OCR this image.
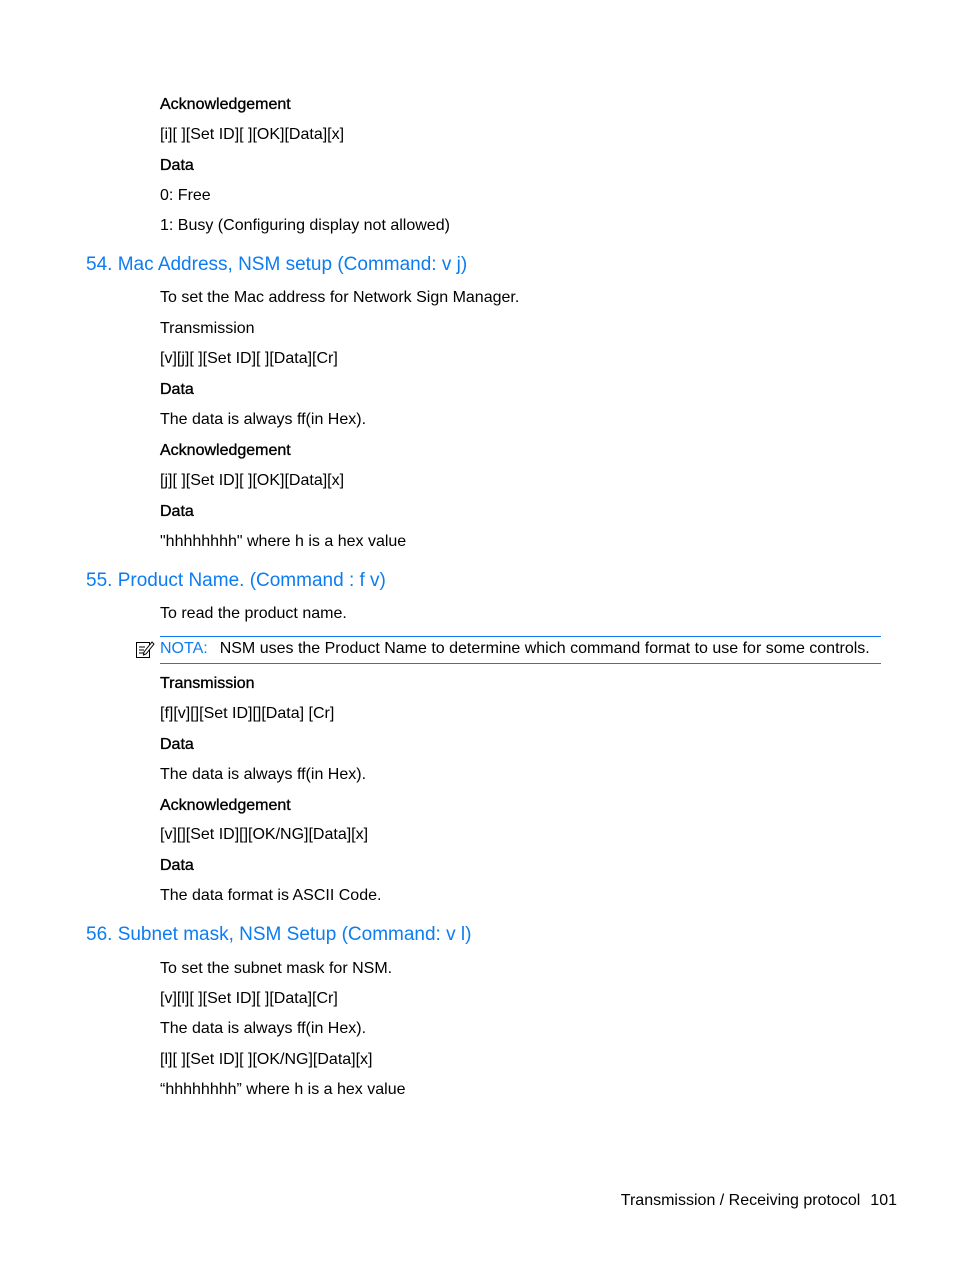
Acknowledgement
[i][ ][Set ID][ ][OK][Data][x]
Data
0: Free
1: Busy (Configuring display not allowed)
54. Mac Address, NSM setup (Command: v j)
To set the Mac address for Network Sign Manager.
Transmission
[v][j][ ][Set ID][ ][Data][Cr]
Data
The data is always ff(in Hex).
Acknowledgement
[j][ ][Set ID][ ][OK][Data][x]
Data
"hhhhhhhh" where h is a hex value
55. Product Name. (Command : f v)
To read the product name.
NOTA: NSM uses the Product Name to determine which command format to use for some controls.
Transmission
[f][v][][Set ID][][Data] [Cr]
Data
The data is always ff(in Hex).
Acknowledgement
[v][][Set ID][][OK/NG][Data][x]
Data
The data format is ASCII Code.
56. Subnet mask, NSM Setup (Command: v l)
To set the subnet mask for NSM.
[v][l][ ][Set ID][ ][Data][Cr]
The data is always ff(in Hex).
[l][ ][Set ID][ ][OK/NG][Data][x]
“hhhhhhhh” where h is a hex value
Transmission / Receiving protocol 101
